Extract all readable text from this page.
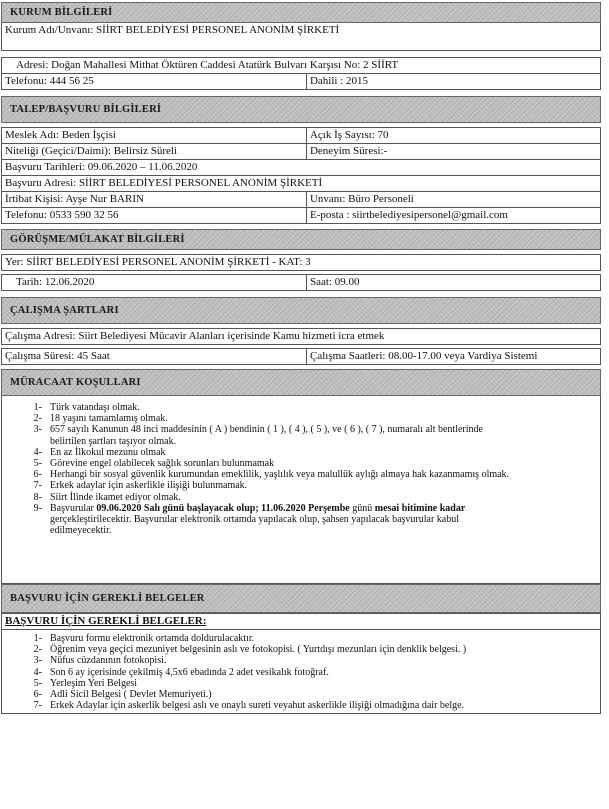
KURUM BİLGİLERİ
Kurum Adı/Unvanı: SİİRT BELEDİYESİ PERSONEL ANONİM ŞİRKETİ
Adresi: Doğan Mahallesi Mithat Öktüren Caddesi Atatürk Bulvarı Karşısı No: 2 SİİRT
Telefonu: 444 56 25	Dahili : 2015
TALEP/BAŞVURU BİLGİLERİ
Meslek Adı: Beden İşçisi	Açık İş Sayısı: 70
Niteliği (Geçici/Daimi): Belirsiz Süreli	Deneyim Süresi:-
Başvuru Tarihleri: 09.06.2020 – 11.06.2020
Başvuru Adresi: SİİRT BELEDİYESİ PERSONEL ANONİM ŞİRKETİ
İrtibat Kişisi: Ayşe Nur BARIN	Unvanı: Büro Personeli
Telefonu: 0533 590 32 56	E-posta : siirtbelediyesipersonel@gmail.com
GÖRÜŞME/MÜLAKAT BİLGİLERİ
Yer: SİİRT BELEDİYESİ PERSONEL ANONİM ŞİRKETİ - KAT: 3
Tarih: 12.06.2020	Saat: 09.00
ÇALIŞMA ŞARTLARI
Çalışma Adresi: Siirt Belediyesi Mücavir Alanları içerisinde Kamu hizmeti icra etmek
Çalışma Süresi: 45 Saat	Çalışma Saatleri: 08.00-17.00 veya Vardiya Sistemi
MÜRACAAT KOŞULLARI
1- Türk vatandaşı olmak.
2- 18 yaşını tamamlamış olmak.
3- 657 sayılı Kanunun 48 inci maddesinin ( A ) bendinin ( 1 ), ( 4 ), ( 5 ), ve ( 6 ), ( 7 ), numaralı alt bentlerinde
belirtilen şartları taşıyor olmak.
4- En az İlkokul mezunu olmak
5- Görevine engel olabilecek sağlık sorunları bulunmamak
6- Herhangi bir sosyal güvenlik kurumundan emeklilik, yaşlılık veya malullük aylığı almaya hak kazanmamış olmak.
7- Erkek adaylar için askerlikle ilişiği bulunmamak.
8- Siirt İlinde ikamet ediyor olmak.
9- Başvurular 09.06.2020 Salı günü başlayacak olup; 11.06.2020 Perşembe günü mesai bitimine kadar
gerçekleştirilecektir. Başvurular elektronik ortamda yapılacak olup, şahsen yapılacak başvurular kabul
edilmeyecektir.
BAŞVURU İÇİN GEREKLİ BELGELER
BAŞVURU İÇİN GEREKLİ BELGELER:
1- Başvuru formu elektronik ortamda doldurulacaktır.
2- Öğrenim veya geçici mezuniyet belgesinin aslı ve fotokopisi. ( Yurtdışı mezunları için denklik belgesi. )
3- Nüfus cüzdanının fotokopisi.
4- Son 6 ay içerisinde çekilmiş 4,5x6 ebadında 2 adet vesikalık fotoğraf.
5- Yerleşim Yeri Belgesi
6- Adli Sicil Belgesi ( Devlet Memuriyeti.)
7- Erkek Adaylar için askerlik belgesi aslı ve onaylı sureti veyahut askerlikle ilişiği olmadığına dair belge.
